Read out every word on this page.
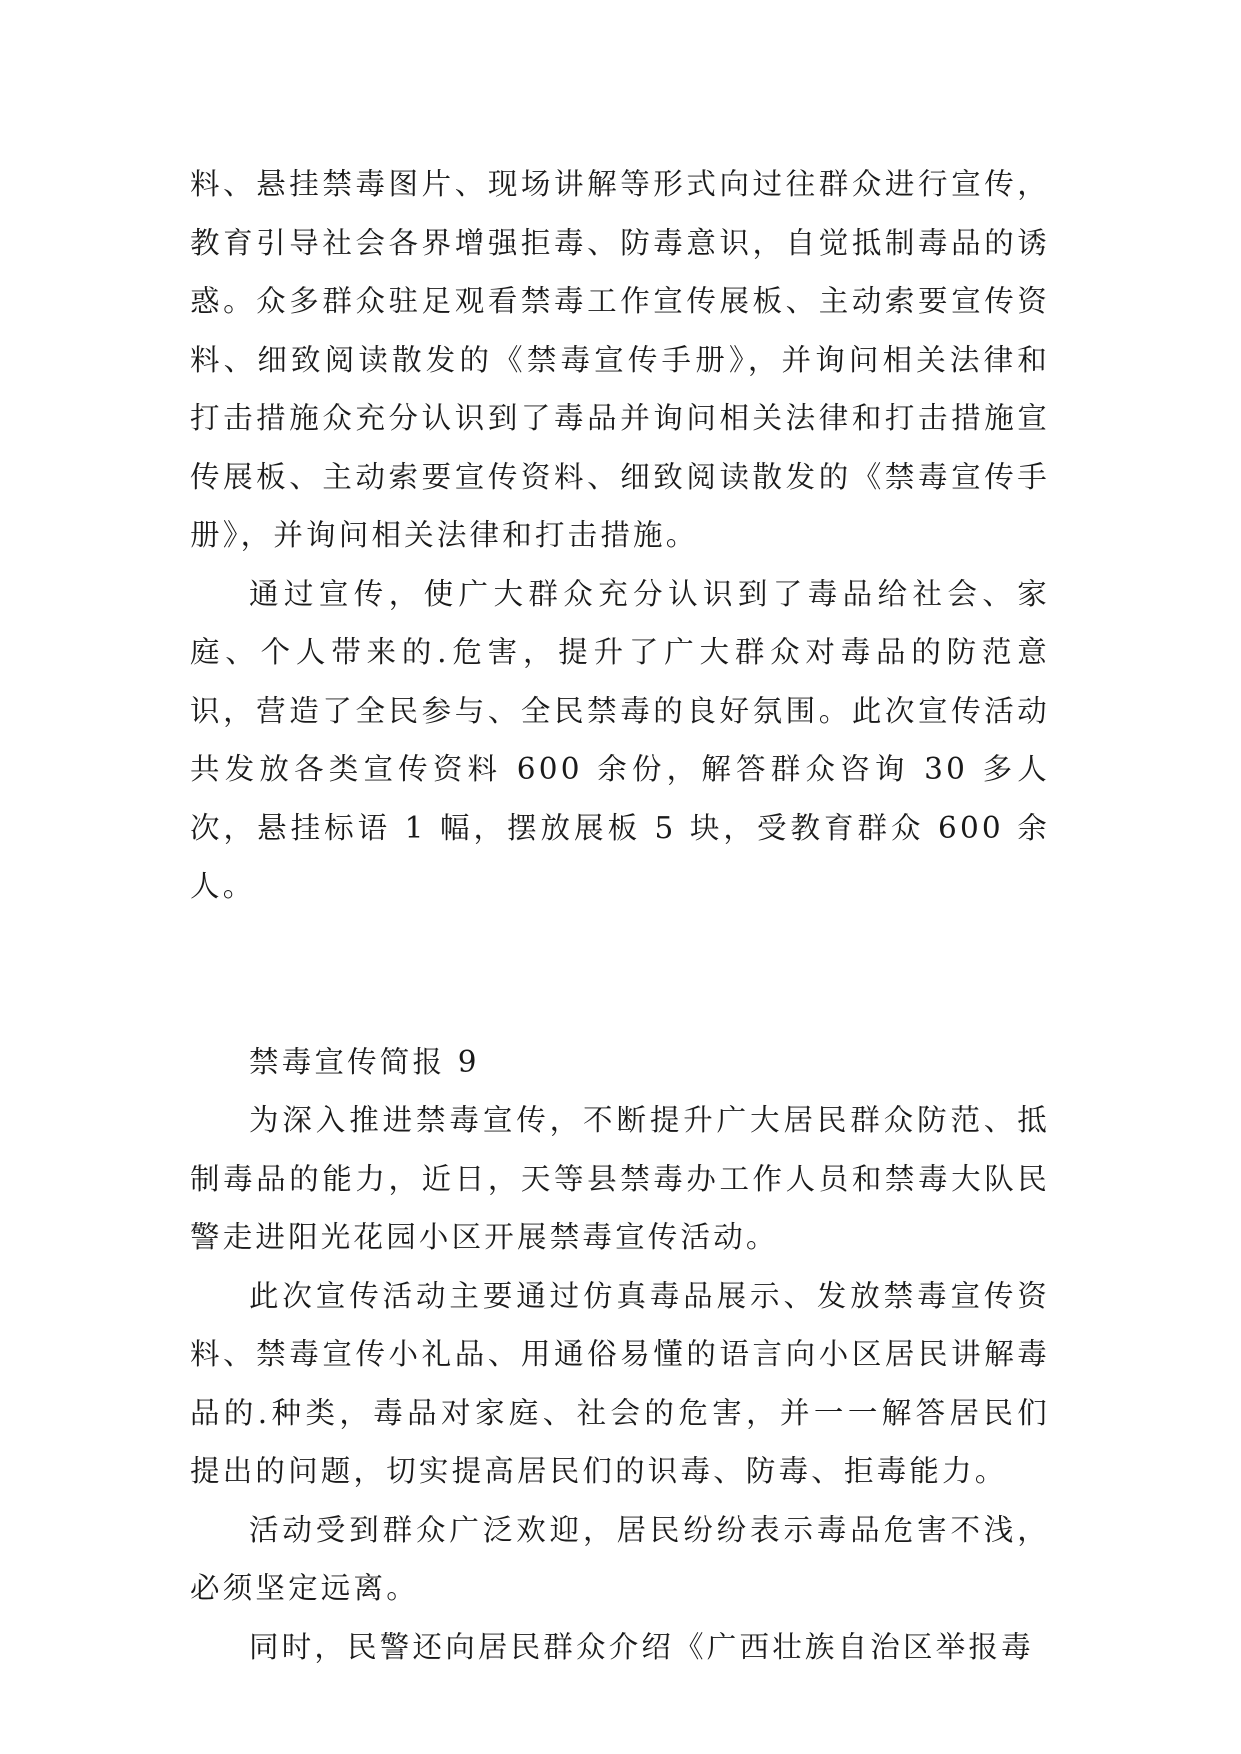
料、悬挂禁毒图片、现场讲解等形式向过往群众进行宣传，教育引导社会各界增强拒毒、防毒意识，自觉抵制毒品的诱惑。众多群众驻足观看禁毒工作宣传展板、主动索要宣传资料、细致阅读散发的《禁毒宣传手册》，并询问相关法律和打击措施众充分认识到了毒品并询问相关法律和打击措施宣传展板、主动索要宣传资料、细致阅读散发的《禁毒宣传手册》，并询问相关法律和打击措施。

通过宣传，使广大群众充分认识到了毒品给社会、家庭、个人带来的.危害，提升了广大群众对毒品的防范意识，营造了全民参与、全民禁毒的良好氛围。此次宣传活动共发放各类宣传资料 600 余份，解答群众咨询 30 多人次，悬挂标语 1 幅，摆放展板 5 块，受教育群众 600 余人。

禁毒宣传简报 9

为深入推进禁毒宣传，不断提升广大居民群众防范、抵制毒品的能力，近日，天等县禁毒办工作人员和禁毒大队民警走进阳光花园小区开展禁毒宣传活动。

此次宣传活动主要通过仿真毒品展示、发放禁毒宣传资料、禁毒宣传小礼品、用通俗易懂的语言向小区居民讲解毒品的.种类，毒品对家庭、社会的危害，并一一解答居民们提出的问题，切实提高居民们的识毒、防毒、拒毒能力。

活动受到群众广泛欢迎，居民纷纷表示毒品危害不浅，必须坚定远离。

同时，民警还向居民群众介绍《广西壮族自治区举报毒
